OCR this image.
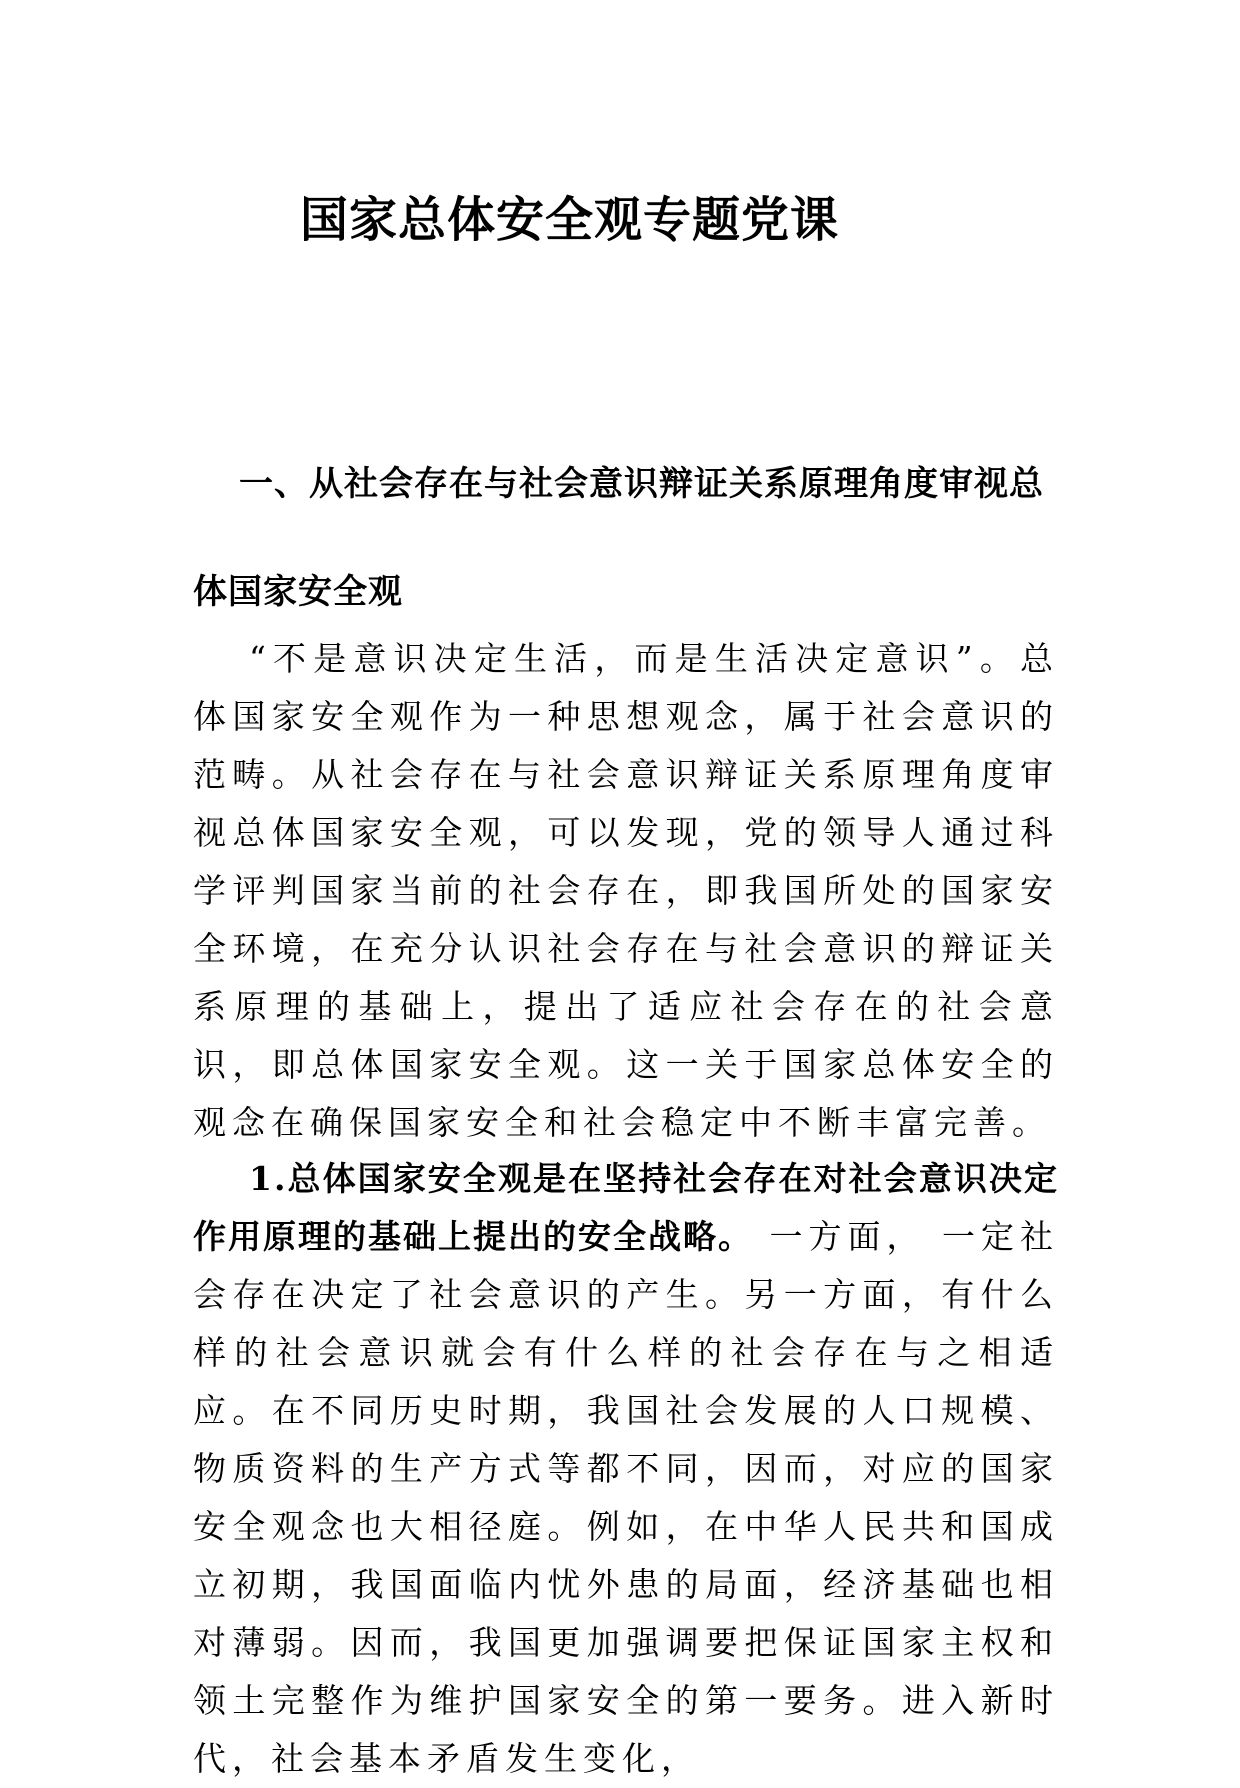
国家总体安全观专题党课
一、从社会存在与社会意识辩证关系原理角度审视总体国家安全观

“不是意识决定生活，而是生活决定意识”。总体国家安全观作为一种思想观念，属于社会意识的范畴。从社会存在与社会意识辩证关系原理角度审视总体国家安全观，可以发现，党的领导人通过科学评判国家当前的社会存在，即我国所处的国家安全环境，在充分认识社会存在与社会意识的辩证关系原理的基础上，提出了适应社会存在的社会意识，即总体国家安全观。这一关于国家总体安全的观念在确保国家安全和社会稳定中不断丰富完善。

1.总体国家安全观是在坚持社会存在对社会意识决定作用原理的基础上提出的安全战略。 一方面， 一定社会存在决定了社会意识的产生。另一方面，有什么样的社会意识就会有什么样的社会存在与之相适应。在不同历史时期，我国社会发展的人口规模、物质资料的生产方式等都不同，因而，对应的国家安全观念也大相径庭。例如，在中华人民共和国成立初期，我国面临内忧外患的局面，经济基础也相对薄弱。因而，我国更加强调要把保证国家主权和领土完整作为维护国家安全的第一要务。进入新时代，社会基本矛盾发生变化，
